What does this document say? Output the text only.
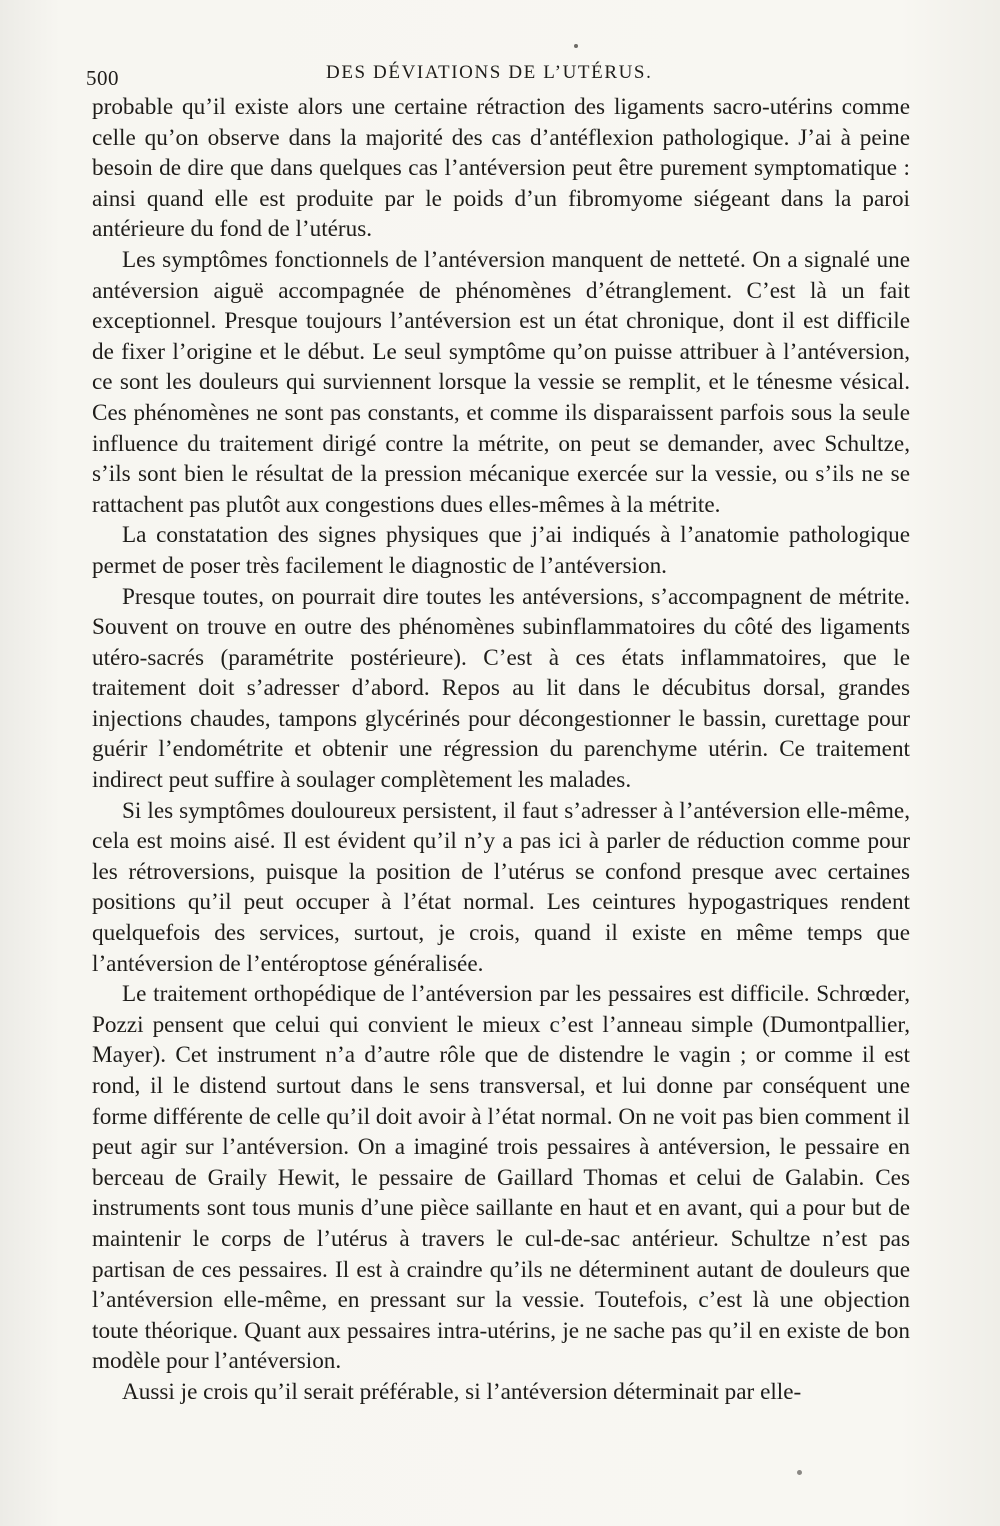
500	DES DÉVIATIONS DE L’UTÉRUS.

probable qu’il existe alors une certaine rétraction des ligaments sacro-utérins comme celle qu’on observe dans la majorité des cas d’antéflexion pathologique. J’ai à peine besoin de dire que dans quelques cas l’antéversion peut être purement symptomatique : ainsi quand elle est produite par le poids d’un fibromyome siégeant dans la paroi antérieure du fond de l’utérus.

Les symptômes fonctionnels de l’antéversion manquent de netteté. On a signalé une antéversion aiguë accompagnée de phénomènes d’étranglement. C’est là un fait exceptionnel. Presque toujours l’antéversion est un état chronique, dont il est difficile de fixer l’origine et le début. Le seul symptôme qu’on puisse attribuer à l’antéversion, ce sont les douleurs qui surviennent lorsque la vessie se remplit, et le ténesme vésical. Ces phénomènes ne sont pas constants, et comme ils disparaissent parfois sous la seule influence du traitement dirigé contre la métrite, on peut se demander, avec Schultze, s’ils sont bien le résultat de la pression mécanique exercée sur la vessie, ou s’ils ne se rattachent pas plutôt aux congestions dues elles-mêmes à la métrite.

La constatation des signes physiques que j’ai indiqués à l’anatomie pathologique permet de poser très facilement le diagnostic de l’antéversion.

Presque toutes, on pourrait dire toutes les antéversions, s’accompagnent de métrite. Souvent on trouve en outre des phénomènes subinflammatoires du côté des ligaments utéro-sacrés (paramétrite postérieure). C’est à ces états inflammatoires, que le traitement doit s’adresser d’abord. Repos au lit dans le décubitus dorsal, grandes injections chaudes, tampons glycérinés pour décongestionner le bassin, curettage pour guérir l’endométrite et obtenir une régression du parenchyme utérin. Ce traitement indirect peut suffire à soulager complètement les malades.

Si les symptômes douloureux persistent, il faut s’adresser à l’antéversion elle-même, cela est moins aisé. Il est évident qu’il n’y a pas ici à parler de réduction comme pour les rétroversions, puisque la position de l’utérus se confond presque avec certaines positions qu’il peut occuper à l’état normal. Les ceintures hypogastriques rendent quelquefois des services, surtout, je crois, quand il existe en même temps que l’antéversion de l’entéroptose généralisée.

Le traitement orthopédique de l’antéversion par les pessaires est difficile. Schrœder, Pozzi pensent que celui qui convient le mieux c’est l’anneau simple (Dumontpallier, Mayer). Cet instrument n’a d’autre rôle que de distendre le vagin ; or comme il est rond, il le distend surtout dans le sens transversal, et lui donne par conséquent une forme différente de celle qu’il doit avoir à l’état normal. On ne voit pas bien comment il peut agir sur l’antéversion. On a imaginé trois pessaires à antéversion, le pessaire en berceau de Graily Hewit, le pessaire de Gaillard Thomas et celui de Galabin. Ces instruments sont tous munis d’une pièce saillante en haut et en avant, qui a pour but de maintenir le corps de l’utérus à travers le cul-de-sac antérieur. Schultze n’est pas partisan de ces pessaires. Il est à craindre qu’ils ne déterminent autant de douleurs que l’antéversion elle-même, en pressant sur la vessie. Toutefois, c’est là une objection toute théorique. Quant aux pessaires intra-utérins, je ne sache pas qu’il en existe de bon modèle pour l’antéversion.

Aussi je crois qu’il serait préférable, si l’antéversion déterminait par elle-
